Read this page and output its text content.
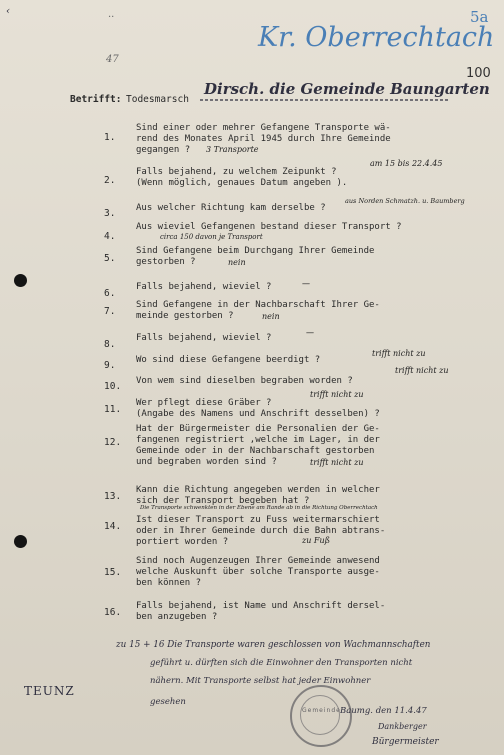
‹
··
47
Kr. Oberrechtach
5a
100
Betrifft: Todesmarsch
Dirsch. die Gemeinde Baungarten
1.
Sind einer oder mehrer Gefangene Transporte wä-
rend des Monates April 1945 durch Ihre Gemeinde
gegangen ? 3 Transporte
2.
Falls bejahend, zu welchem Zeipunkt ?
(Wenn möglich, genaues Datum angeben ).
am 15 bis 22.4.45
3. Aus welcher Richtung kam derselbe ?
aus Norden Schmatzh. u. Baumberg
4.
Aus wieviel Gefangenen bestand dieser Transport ?
circa 150 davon je Transport
5.
Sind Gefangene beim Durchgang Ihrer Gemeinde
gestorben ?	nein
6.
Falls bejahend, wieviel ?	—
7.
Sind Gefangene in der Nachbarschaft Ihrer Ge-
meinde gestorben ?	nein
8.
Falls bejahend, wieviel ?
—
9. Wo sind diese Gefangene beerdigt ?
trifft nicht zu
10. Von wem sind dieselben begraben worden ?
trifft nicht zu
11.
Wer pflegt diese Gräber ?
(Angabe des Namens und Anschrift desselben) ?
trifft nicht zu
12.
Hat der Bürgermeister die Personalien der Ge-
fangenen registriert ,welche im Lager, in der
Gemeinde oder in der Nachbarschaft gestorben
und begraben worden sind ?	trifft nicht zu
13.
Kann die Richtung angegeben werden in welcher
sich der Transport begeben hat ?
Die Transporte schwenkten in der Ebene am Rande ab in die Richtung Oberrechtach
14.
Ist dieser Transport zu Fuss weitermarschiert
oder in Ihrer Gemeinde durch die Bahn abtrans-
portiert worden ?	zu Fuß
15.
Sind noch Augenzeugen Ihrer Gemeinde anwesend
welche Auskunft über solche Transporte ausge-
ben können ?
16.
Falls bejahend, ist Name und Anschrift dersel-
ben anzugeben ?
zu 15 + 16 Die Transporte waren geschlossen von Wachmannschaften
geführt u. dürften sich die Einwohner den Transporten nicht
nähern. Mit Transporte selbst hat jeder Einwohner
gesehen
Baumg. den 11.4.47
Dankberger
Bürgermeister
TEUNZ
Gemeinde
